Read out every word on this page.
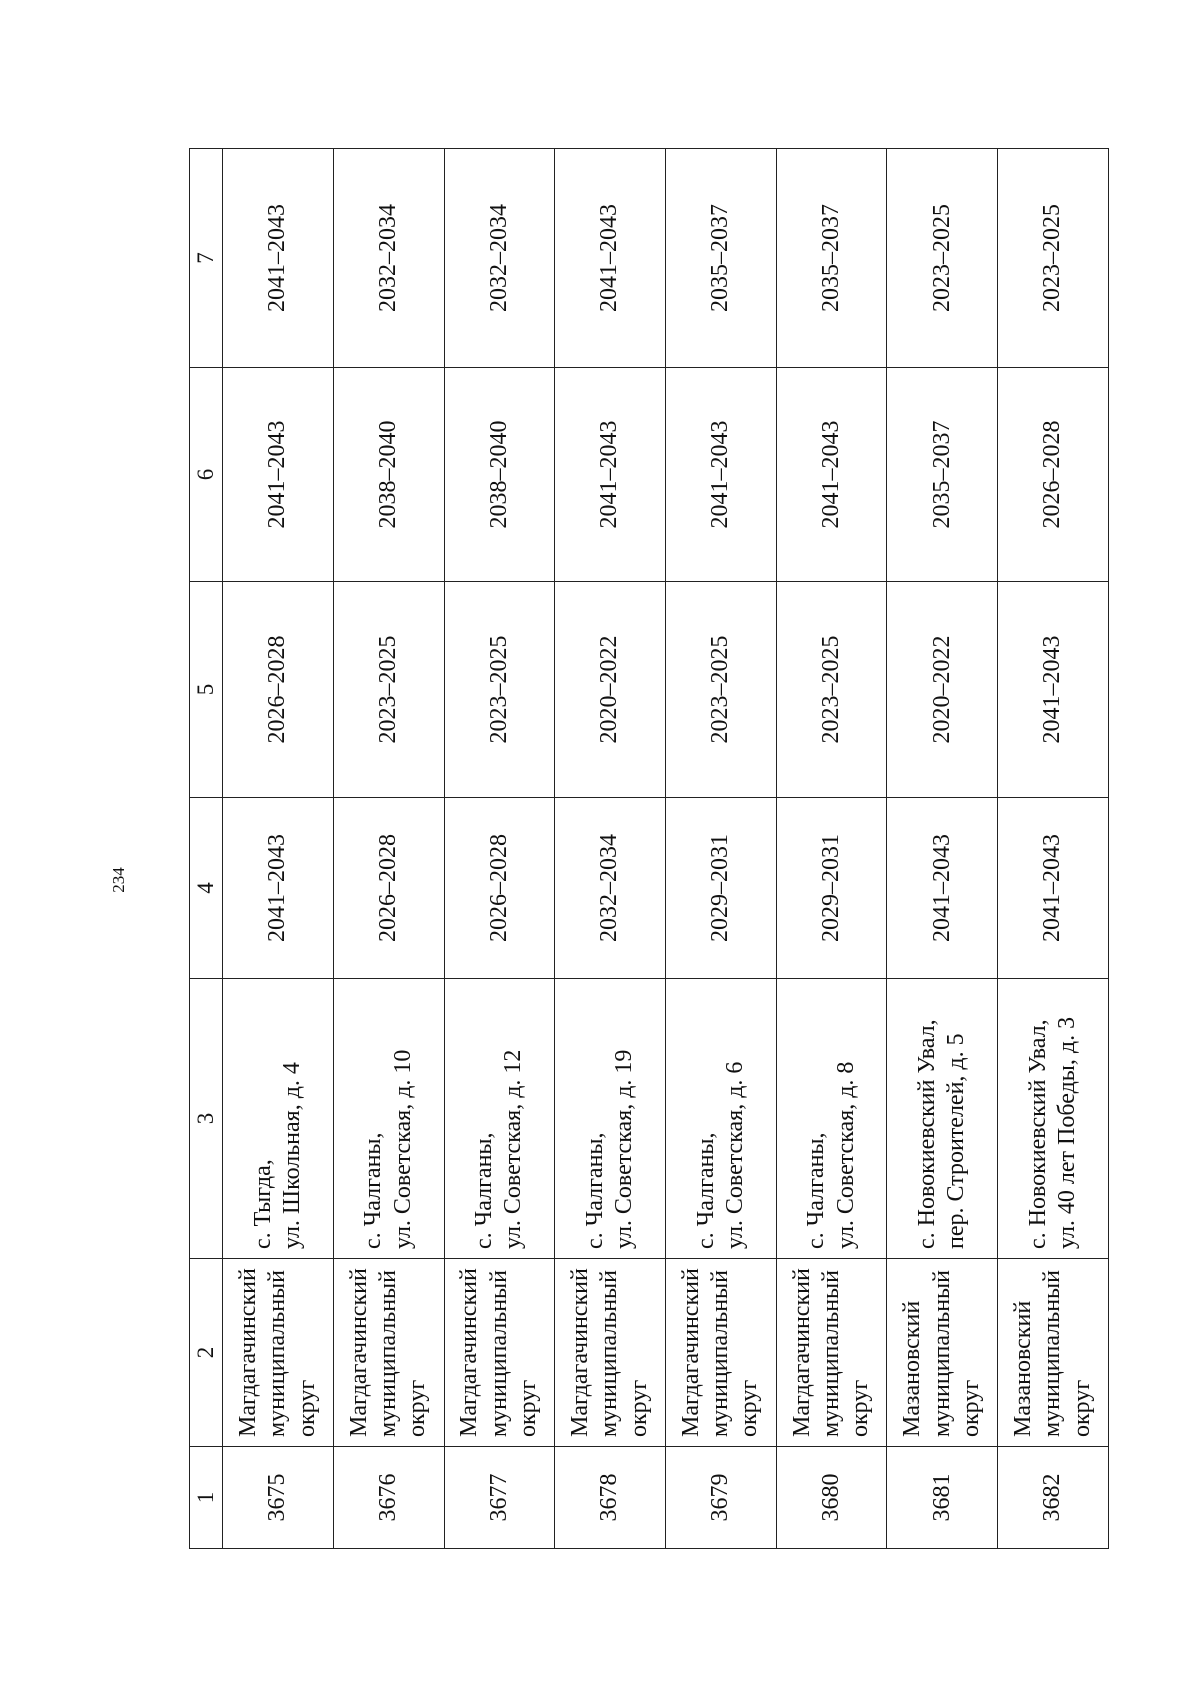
234
1	2	3	4	5	6	7
3675	Магдагачинский муниципальный округ	с. Тыгда, ул. Школьная, д. 4	2041–2043	2026–2028	2041–2043	2041–2043
3676	Магдагачинский муниципальный округ	с. Чалганы, ул. Советская, д. 10	2026–2028	2023–2025	2038–2040	2032–2034
3677	Магдагачинский муниципальный округ	с. Чалганы, ул. Советская, д. 12	2026–2028	2023–2025	2038–2040	2032–2034
3678	Магдагачинский муниципальный округ	с. Чалганы, ул. Советская, д. 19	2032–2034	2020–2022	2041–2043	2041–2043
3679	Магдагачинский муниципальный округ	с. Чалганы, ул. Советская, д. 6	2029–2031	2023–2025	2041–2043	2035–2037
3680	Магдагачинский муниципальный округ	с. Чалганы, ул. Советская, д. 8	2029–2031	2023–2025	2041–2043	2035–2037
3681	Мазановский муниципальный округ	с. Новокиевский Увал, пер. Строителей, д. 5	2041–2043	2020–2022	2035–2037	2023–2025
3682	Мазановский муниципальный округ	с. Новокиевский Увал, ул. 40 лет Победы, д. 3	2041–2043	2041–2043	2026–2028	2023–2025
